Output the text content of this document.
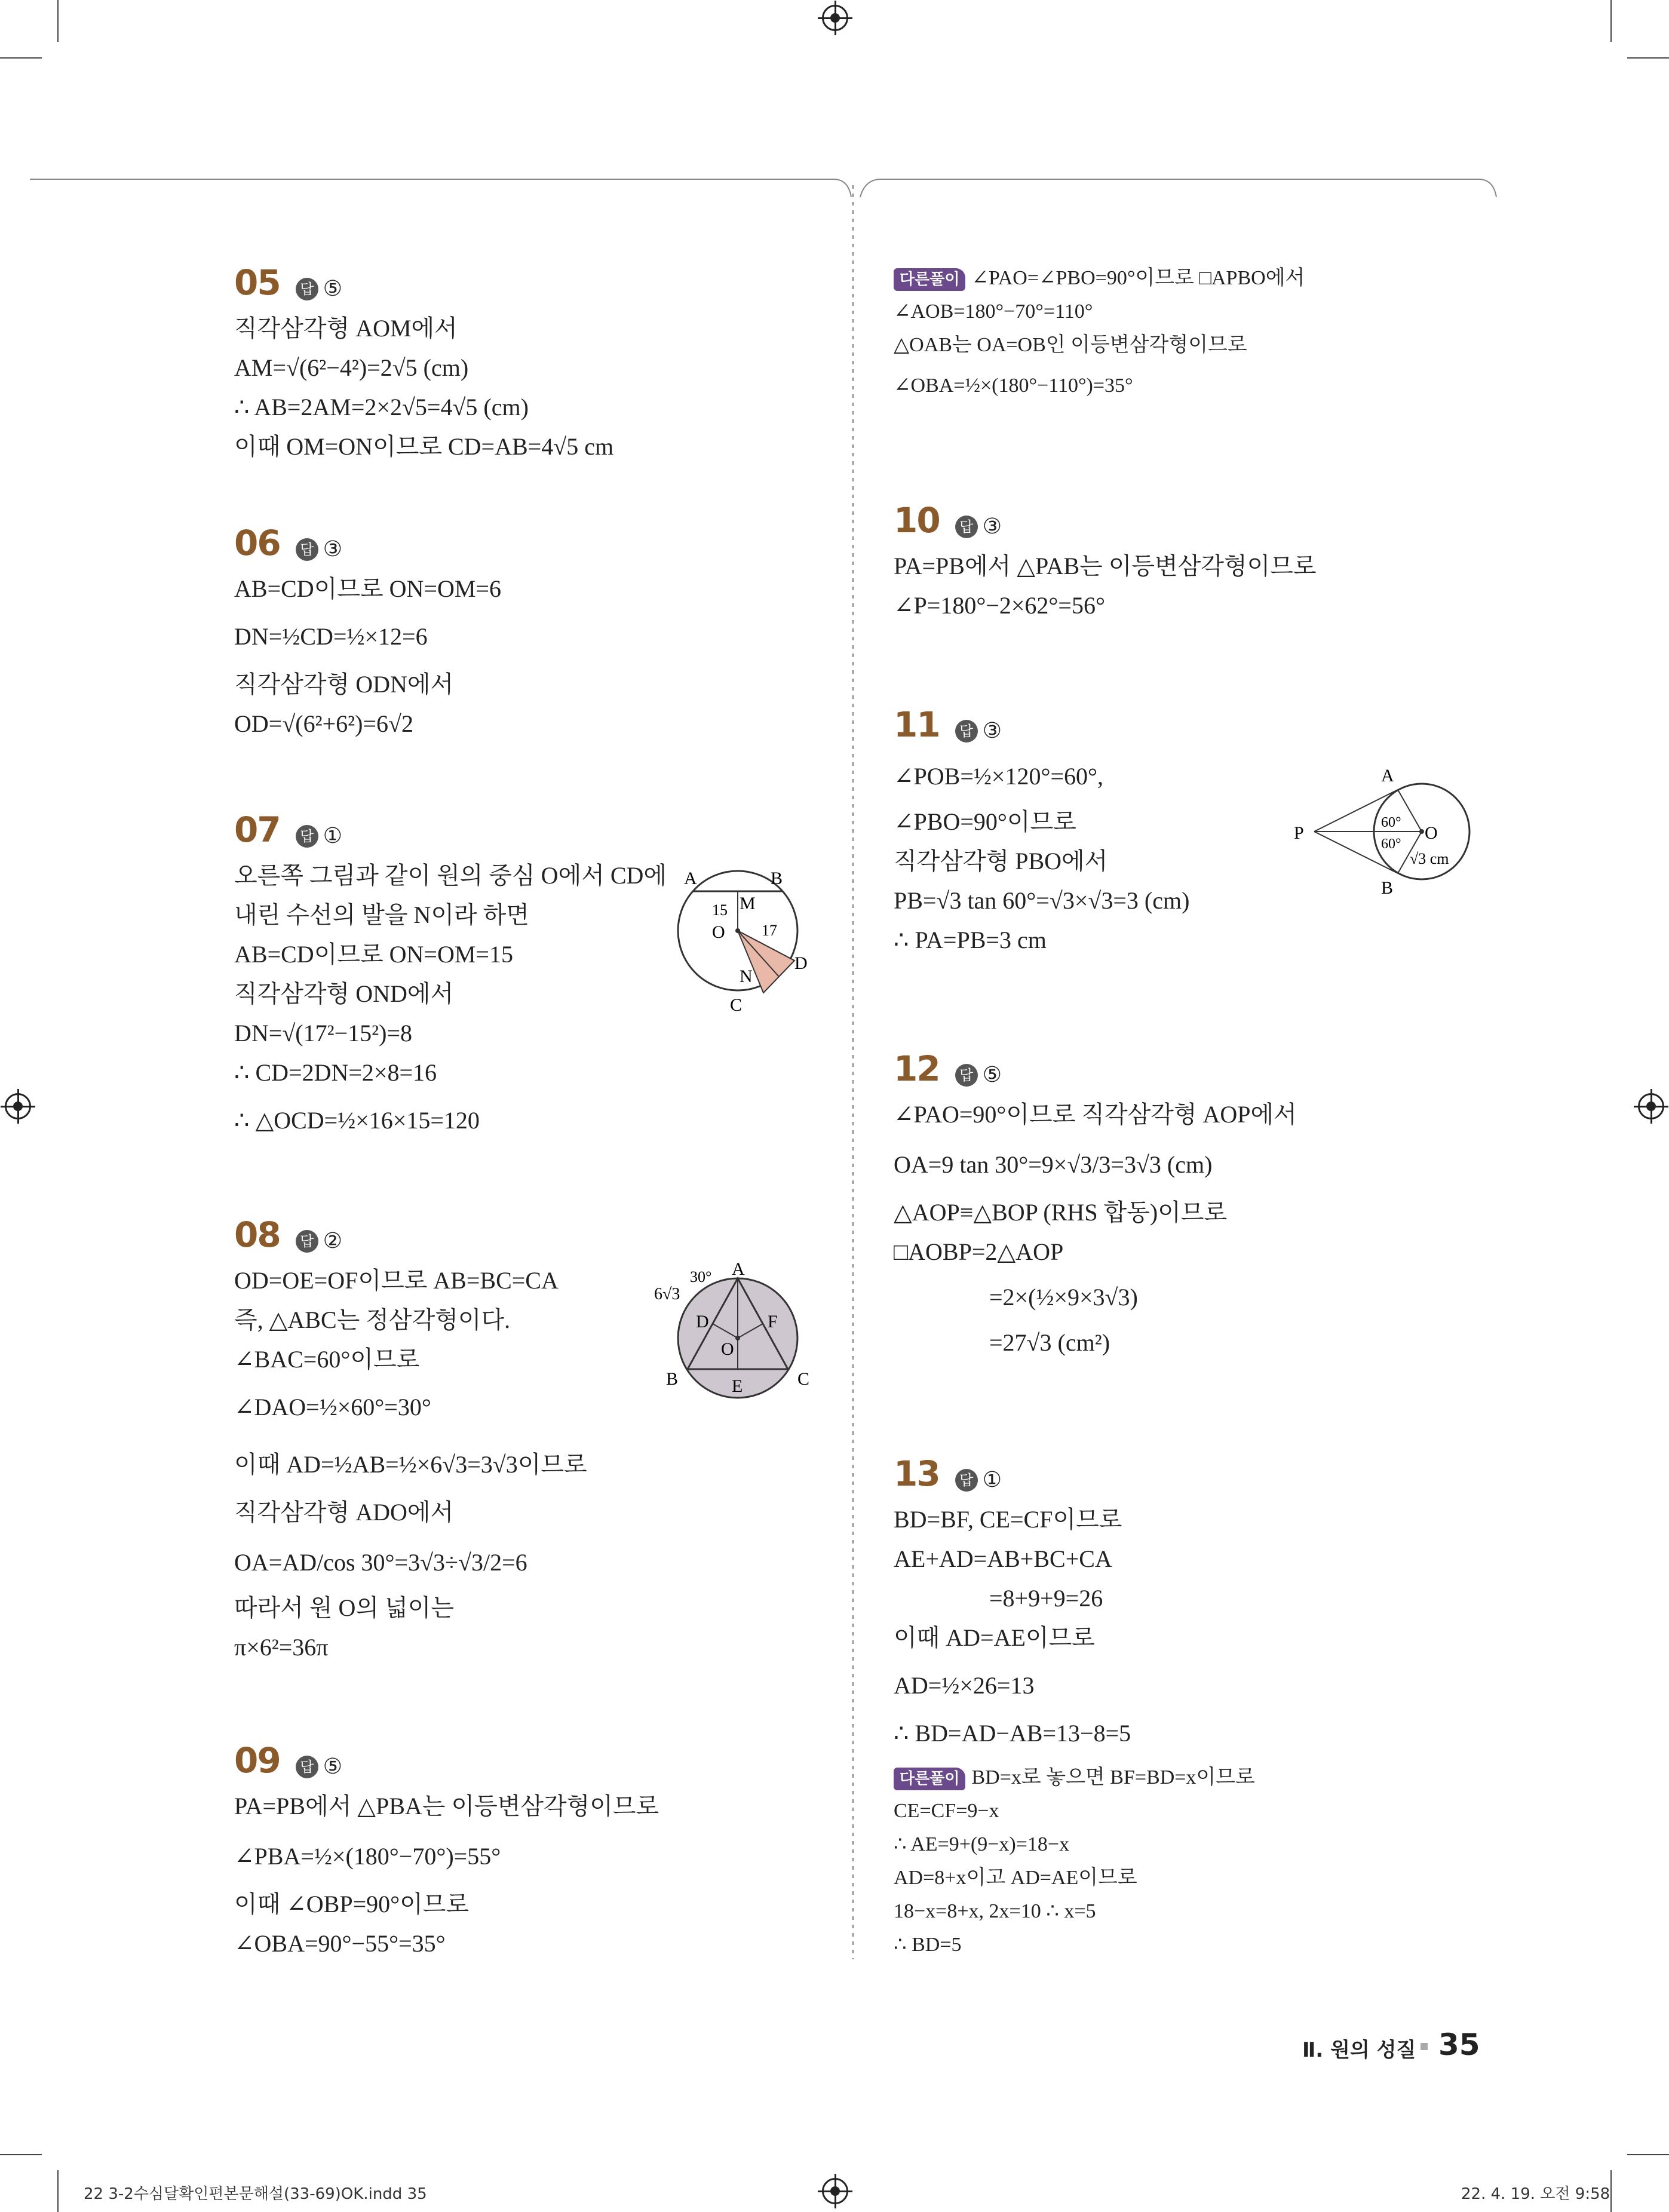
05 답 ⑤
직각삼각형 AOM에서
AM=√(6²−4²)=2√5 (cm)
∴ AB=2AM=2×2√5=4√5 (cm)
이때 OM=ON이므로 CD=AB=4√5 cm
06 답 ③
AB=CD이므로 ON=OM=6
DN=½CD=½×12=6
직각삼각형 ODN에서
OD=√(6²+6²)=6√2
07 답 ①
오른쪽 그림과 같이 원의 중심 O에서 CD에
내린 수선의 발을 N이라 하면
AB=CD이므로 ON=OM=15
직각삼각형 OND에서
DN=√(17²−15²)=8
∴ CD=2DN=2×8=16
∴ △OCD=½×16×15=120
A	B
M
O
N
C
D
15
17
08 답 ②
OD=OE=OF이므로 AB=BC=CA
즉, △ABC는 정삼각형이다.
∠BAC=60°이므로
∠DAO=½×60°=30°
이때 AD=½AB=½×6√3=3√3이므로
직각삼각형 ADO에서
OA=AD/cos 30°=3√3÷√3/2=6
따라서 원 O의 넓이는
π×6²=36π
6√3
30° A
B	C
D
E
F
O
09 답 ⑤
PA=PB에서 △PBA는 이등변삼각형이므로
∠PBA=½×(180°−70°)=55°
이때 ∠OBP=90°이므로
∠OBA=90°−55°=35°
다른풀이 ∠PAO=∠PBO=90°이므로 □APBO에서
∠AOB=180°−70°=110°
△OAB는 OA=OB인 이등변삼각형이므로
∠OBA=½×(180°−110°)=35°
10 답 ③
PA=PB에서 △PAB는 이등변삼각형이므로
∠P=180°−2×62°=56°
11 답 ③
∠POB=½×120°=60°,
∠PBO=90°이므로
직각삼각형 PBO에서
PB=√3 tan 60°=√3×√3=3 (cm)
∴ PA=PB=3 cm
P	O
A
B
60°
60°
√3 cm
12 답 ⑤
∠PAO=90°이므로 직각삼각형 AOP에서
OA=9 tan 30°=9×√3/3=3√3 (cm)
△AOP≡△BOP (RHS 합동)이므로
□AOBP=2△AOP
=2×(½×9×3√3)
=27√3 (cm²)
13 답 ①
BD=BF, CE=CF이므로
AE+AD=AB+BC+CA
=8+9+9=26
이때 AD=AE이므로
AD=½×26=13
∴ BD=AD−AB=13−8=5
다른풀이 BD=x로 놓으면 BF=BD=x이므로
CE=CF=9−x
∴ AE=9+(9−x)=18−x
AD=8+x이고 AD=AE이므로
18−x=8+x, 2x=10 ∴ x=5
∴ BD=5
Ⅱ. 원의 성질 35
22 3-2수심달확인편본문해설(33-69)OK.indd 35	22. 4. 19. 오전 9:58
